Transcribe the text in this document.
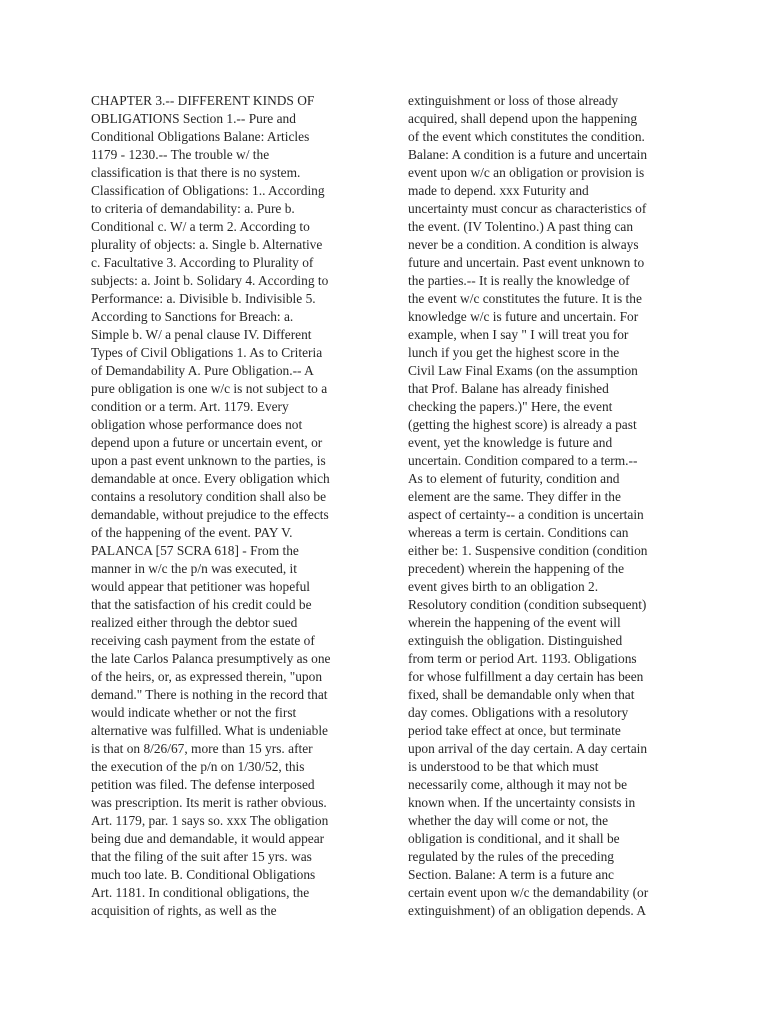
CHAPTER 3.-- DIFFERENT KINDS OF
OBLIGATIONS Section 1.-- Pure and
Conditional Obligations Balane: Articles
1179 - 1230.-- The trouble w/ the
classification is that there is no system.
Classification of Obligations: 1.. According
to criteria of demandability: a. Pure b.
Conditional c. W/ a term 2. According to
plurality of objects: a. Single b. Alternative
c. Facultative 3. According to Plurality of
subjects: a. Joint b. Solidary 4. According to
Performance: a. Divisible b. Indivisible 5.
According to Sanctions for Breach: a.
Simple b. W/ a penal clause IV. Different
Types of Civil Obligations 1. As to Criteria
of Demandability A. Pure Obligation.-- A
pure obligation is one w/c is not subject to a
condition or a term. Art. 1179. Every
obligation whose performance does not
depend upon a future or uncertain event, or
upon a past event unknown to the parties, is
demandable at once. Every obligation which
contains a resolutory condition shall also be
demandable, without prejudice to the effects
of the happening of the event. PAY V.
PALANCA [57 SCRA 618] - From the
manner in w/c the p/n was executed, it
would appear that petitioner was hopeful
that the satisfaction of his credit could be
realized either through the debtor sued
receiving cash payment from the estate of
the late Carlos Palanca presumptively as one
of the heirs, or, as expressed therein, "upon
demand." There is nothing in the record that
would indicate whether or not the first
alternative was fulfilled. What is undeniable
is that on 8/26/67, more than 15 yrs. after
the execution of the p/n on 1/30/52, this
petition was filed. The defense interposed
was prescription. Its merit is rather obvious.
Art. 1179, par. 1 says so. xxx The obligation
being due and demandable, it would appear
that the filing of the suit after 15 yrs. was
much too late. B. Conditional Obligations
Art. 1181. In conditional obligations, the
acquisition of rights, as well as the
extinguishment or loss of those already
acquired, shall depend upon the happening
of the event which constitutes the condition.
Balane: A condition is a future and uncertain
event upon w/c an obligation or provision is
made to depend. xxx Futurity and
uncertainty must concur as characteristics of
the event. (IV Tolentino.) A past thing can
never be a condition. A condition is always
future and uncertain. Past event unknown to
the parties.-- It is really the knowledge of
the event w/c constitutes the future. It is the
knowledge w/c is future and uncertain. For
example, when I say " I will treat you for
lunch if you get the highest score in the
Civil Law Final Exams (on the assumption
that Prof. Balane has already finished
checking the papers.)" Here, the event
(getting the highest score) is already a past
event, yet the knowledge is future and
uncertain. Condition compared to a term.--
As to element of futurity, condition and
element are the same. They differ in the
aspect of certainty-- a condition is uncertain
whereas a term is certain. Conditions can
either be: 1. Suspensive condition (condition
precedent) wherein the happening of the
event gives birth to an obligation 2.
Resolutory condition (condition subsequent)
wherein the happening of the event will
extinguish the obligation. Distinguished
from term or period Art. 1193. Obligations
for whose fulfillment a day certain has been
fixed, shall be demandable only when that
day comes. Obligations with a resolutory
period take effect at once, but terminate
upon arrival of the day certain. A day certain
is understood to be that which must
necessarily come, although it may not be
known when. If the uncertainty consists in
whether the day will come or not, the
obligation is conditional, and it shall be
regulated by the rules of the preceding
Section. Balane: A term is a future anc
certain event upon w/c the demandability (or
extinguishment) of an obligation depends. A
